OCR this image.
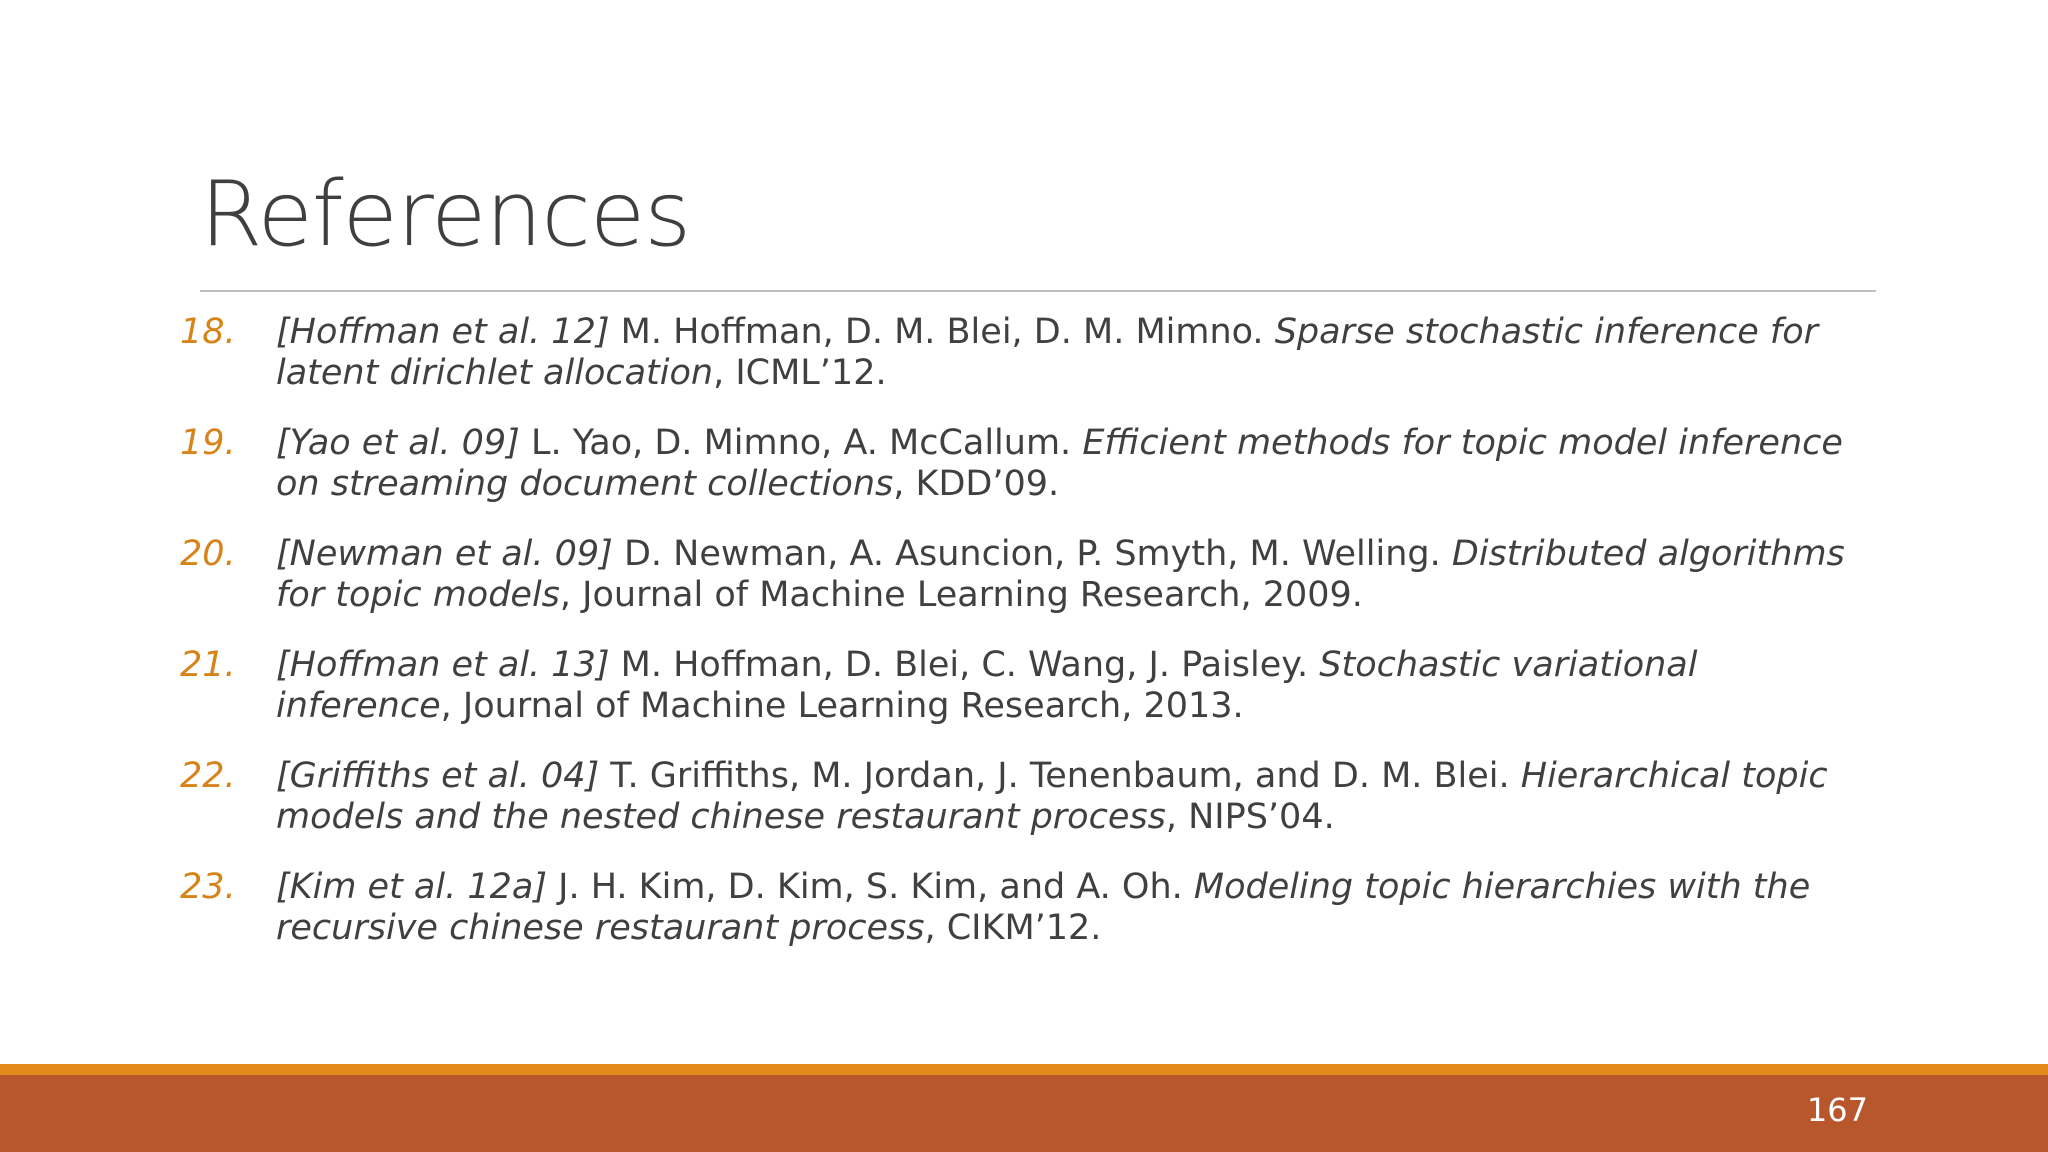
References
18.	[Hoffman et al. 12] M. Hoffman, D. M. Blei, D. M. Mimno. Sparse stochastic inference for latent dirichlet allocation, ICML’12.
19.	[Yao et al. 09] L. Yao, D. Mimno, A. McCallum. Efficient methods for topic model inference on streaming document collections, KDD’09.
20.	[Newman et al. 09] D. Newman, A. Asuncion, P. Smyth, M. Welling. Distributed algorithms for topic models, Journal of Machine Learning Research, 2009.
21.	[Hoffman et al. 13] M. Hoffman, D. Blei, C. Wang, J. Paisley. Stochastic variational inference, Journal of Machine Learning Research, 2013.
22.	[Griffiths et al. 04] T. Griffiths, M. Jordan, J. Tenenbaum, and D. M. Blei. Hierarchical topic models and the nested chinese restaurant process, NIPS’04.
23.	[Kim et al. 12a] J. H. Kim, D. Kim, S. Kim, and A. Oh. Modeling topic hierarchies with the recursive chinese restaurant process, CIKM’12.
167
